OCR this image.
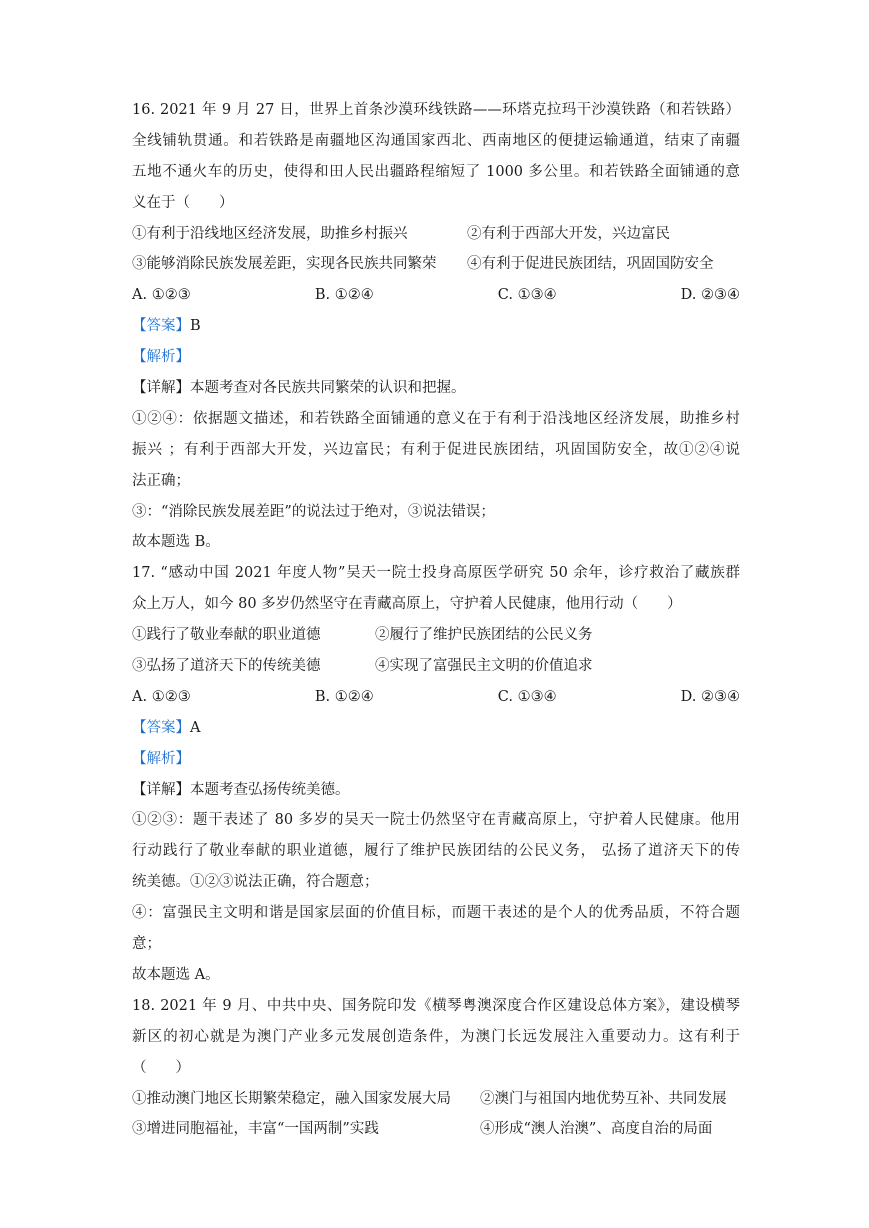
16. 2021 年 9 月 27 日，世界上首条沙漠环线铁路——环塔克拉玛干沙漠铁路（和若铁路）
全线铺轨贯通。和若铁路是南疆地区沟通国家西北、西南地区的便捷运输通道，结束了南疆
五地不通火车的历史，使得和田人民出疆路程缩短了 1000 多公里。和若铁路全面铺通的意
义在于（　　）
①有利于沿线地区经济发展，助推乡村振兴	②有利于西部大开发，兴边富民
③能够消除民族发展差距，实现各民族共同繁荣	④有利于促进民族团结，巩固国防安全
A. ①②③	B. ①②④	C. ①③④	D. ②③④
【答案】B
【解析】
【详解】本题考查对各民族共同繁荣的认识和把握。
①②④：依据题文描述，和若铁路全面铺通的意义在于有利于沿浅地区经济发展，助推乡村
振兴 ；有利于西部大开发，兴边富民；有利于促进民族团结，巩固国防安全，故①②④说
法正确；
③：“消除民族发展差距”的说法过于绝对，③说法错误；
故本题选 B。
17. “感动中国 2021 年度人物”吴天一院士投身高原医学研究 50 余年，诊疗救治了藏族群
众上万人，如今 80 多岁仍然坚守在青藏高原上，守护着人民健康，他用行动（　　）
①践行了敬业奉献的职业道德	②履行了维护民族团结的公民义务
③弘扬了道济天下的传统美德	④实现了富强民主文明的价值追求
A. ①②③	B. ①②④	C. ①③④	D. ②③④
【答案】A
【解析】
【详解】本题考查弘扬传统美德。
①②③：题干表述了 80 多岁的吴天一院士仍然坚守在青藏高原上，守护着人民健康。他用
行动践行了敬业奉献的职业道德，履行了维护民族团结的公民义务， 弘扬了道济天下的传
统美德。①②③说法正确，符合题意；
④：富强民主文明和谐是国家层面的价值目标，而题干表述的是个人的优秀品质，不符合题
意；
故本题选 A。
18. 2021 年 9 月、中共中央、国务院印发《横琴粤澳深度合作区建设总体方案》，建设横琴
新区的初心就是为澳门产业多元发展创造条件，为澳门长远发展注入重要动力。这有利于
（　　）
①推动澳门地区长期繁荣稳定，融入国家发展大局	②澳门与祖国内地优势互补、共同发展
③增进同胞福祉，丰富“一国两制”实践	④形成“澳人治澳”、高度自治的局面
